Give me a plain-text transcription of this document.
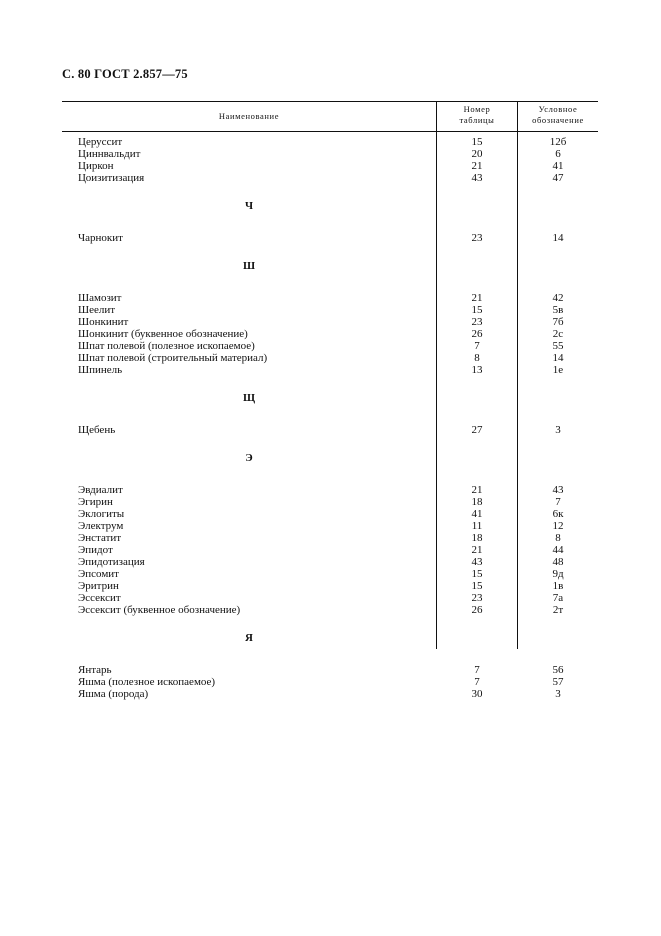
С. 80 ГОСТ 2.857—75
Наименование
Номер
таблицы
Условное
обозначение
Церуссит	15	12б
Циннвальдит	20	6
Циркон	21	41
Цоизитизация	43	47
Ч
Чарнокит	23	14
Ш
Шамозит	21	42
Шеелит	15	5в
Шонкинит	23	7б
Шонкинит (буквенное обозначение)	26	2с
Шпат полевой (полезное ископаемое)	7	55
Шпат полевой (строительный материал)	8	14
Шпинель	13	1е
Щ
Щебень	27	3
Э
Эвдиалит	21	43
Эгирин	18	7
Эклогиты	41	6к
Электрум	11	12
Энстатит	18	8
Эпидот	21	44
Эпидотизация	43	48
Эпсомит	15	9д
Эритрин	15	1в
Эссексит	23	7а
Эссексит (буквенное обозначение)	26	2т
Я
Янтарь	7	56
Яшма (полезное ископаемое)	7	57
Яшма (порода)	30	3
